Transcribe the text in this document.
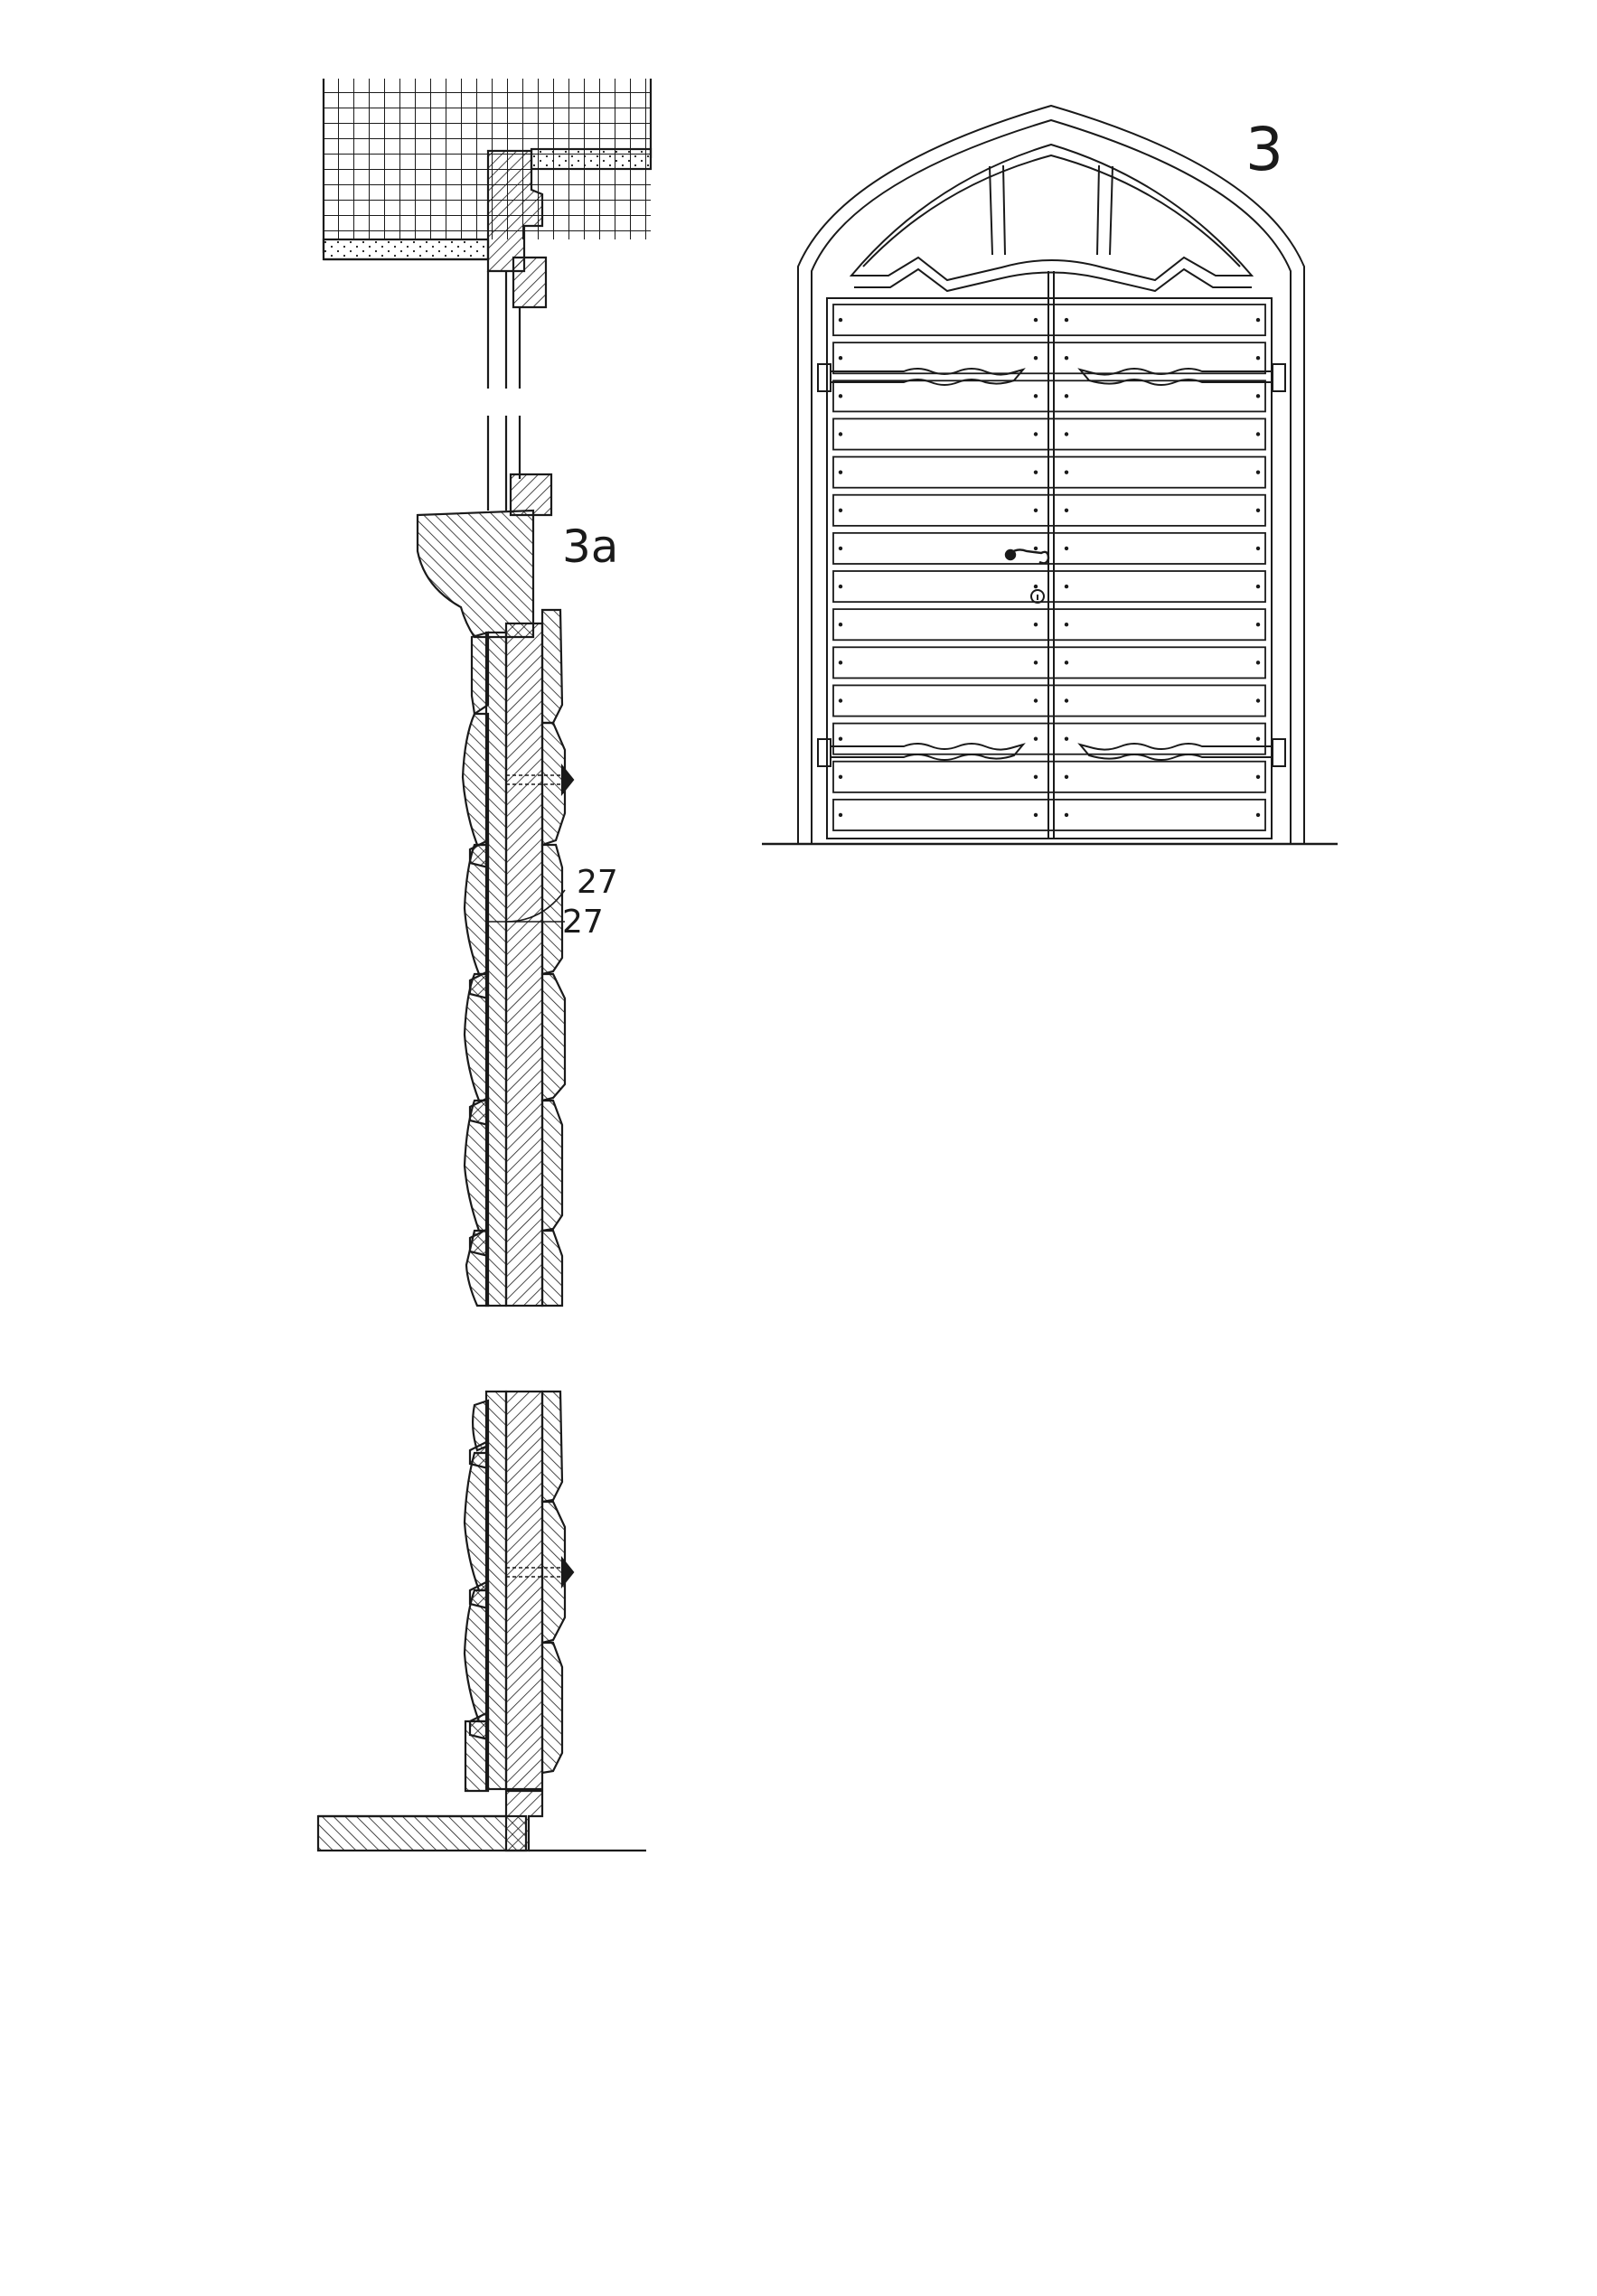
3a
27
27
3
